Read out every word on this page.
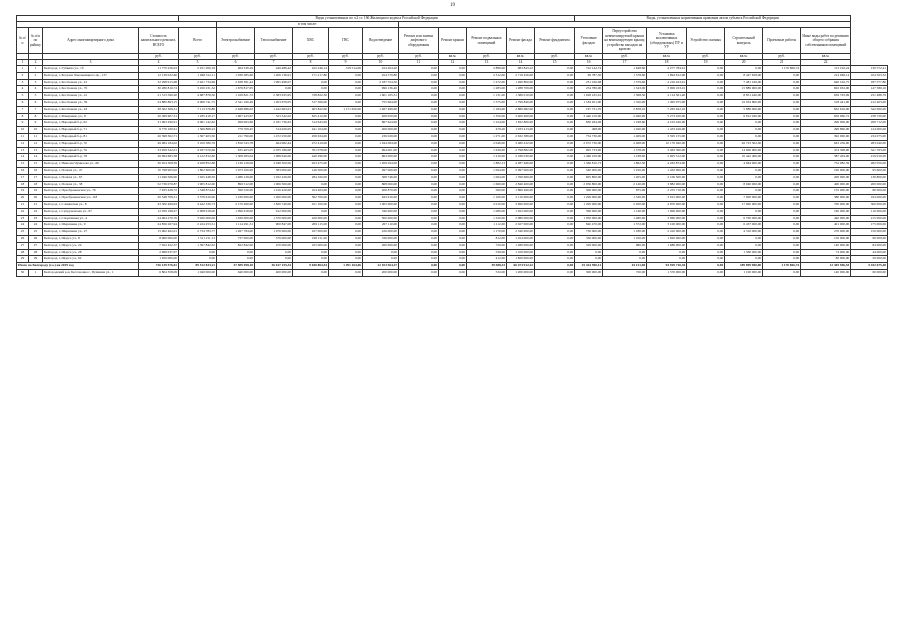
19
				Виды установленных по ч.2 ст. 166 Жилищного кодекса Российской Федерации											Виды, установленных нормативным правовым актом субъекта Российской Федерации							
					в том числе:																	
№ п/п	№ п/п по району	Адрес многоквартирного дома	Стоимость капитального ремонта, ВСЕГО	Всего	Электроснабжение	Теплоснабжение	ХВС	ГВС	Водоотведение	Ремонт или замена лифтового оборудования	Ремонт крыши	Ремонт подвальных помещений	Ремонт фасада	Ремонт фундамента	Утепление фасадов	Переустройство невентилируемой крыши на вентилируемую крышу, устройство выходов на кровлю	Установка коллективных (общедомовых) ПУ и УУ	Устройство скатных	Строительный контроль	Проектные работы	Иные виды работ по решению общего собрания собственников помещений	
			руб.	руб.	руб.	руб.	руб.	руб.	руб.	руб.	кв.м.	руб.	кв.м.	руб.	кв.м.	руб.	кв.м.	руб.	кв.м.	руб.	кв.м.	
1	2	3	4	5	6	7	8	9	10	11	12	13	14	15	16	17	18	19	20	21	22	
1	1	Белгород, г, Губкина ул., 1б	11 770 226,03	2 251 209,19	464 536,29	449 486,42	222 249,14	319 514,06	224 204,20	0,00	0,00	2 889,00	983 843,22	0,00	722 142,74	1 648,60	4 277 784,91	0,00	0,00	1 170 866,74	113 192,24	130 572,41
2	2	Белгород, г, Богдана Хмельницкого пр., 137	12 139 032,60	1 948 312,11	1 036 385,60	1 206 136,91	171 217,80	0,00	454 579,80	0,00	0,00	2 312,00	2 719 456,00	0,00	69 787,30	1 578,60	1 894 812,96	0,00	8 447 658,00	0,00	214 948,14	104 503,32
3	3	Белгород, г, Костюкова ул., 41	32 298 915,68	2 921 734,69	2 638 391,44	1 995 498,07	0,00	0,00	2 187 554,50	0,00	0,00	1 272,00	1 496 800,00	0,00	231 160,98	1 379,60	4 216 423,91	0,00	7 481 160,00	0,00	640 162,75	187 577,80
4	4	Белгород, г, Костюкова ул., 7б	30 280 816,74	3 450 231,32	1 679 817,05	0,00	0,00	0,00	996 136,46	0,00	0,00	1 283,00	1 288 709,00	0,00	254 780,00	1 343,00	3 906 163,01	0,00	15 889 000,00	0,00	602 032,00	147 580,16
5	5	Белгород, г, Костюкова ул., 41	21 513 590,20	4 687 878,30	1 169 821,72	2 383 635,95	728 822,30	0,00	1 601 165,31	0,00	0,00	1 131,00	1 386 010,00	0,00	1 028 165,61	1 368,30	2 114 561,40	0,00	8 851 440,00	0,00	639 763,09	231 488,79
6	6	Белгород, г, Костюкова ул., 39	24 880 863,15	4 906 741,75	2 341 160,49	1 203 679,05	517 369,00	0,00	755 664,00	0,00	0,00	1 575,00	1 799 840,00	0,00	1 184 651,00	1 350,00	1 495 975,00	0,00	19 034 800,00	0,00	518 441,00	212 403,00
7	7	Белгород, г, Костюкова ул., 43	38 302 306,31	7 113 576,86	2 648 686,02	1 422 663,01	403 822,00	1 171 650,00	1 467 499,00	0,00	0,00	1 184,00	2 880 682,00	0,00	197 731,70	2 858,10	7 265 622,16	0,00	5 889 000,00	0,00	832 616,00	342 000,00
8	8	Белгород, г, Макаренко ул., 8	20 369 607,31	1 185 410,17	1 667 423,67	323 342,02	625 412,00	0,00	629 050,00	0,00	0,00	1 350,00	3 400 460,00	0,00	3 440 210,00	2 460,00	5 273 450,00	0,00	6 812 040,00	0,00	650 960,72	238 720,00
9	9	Белгород, г, Народный б-р, 62	31 693 290,91	4 961 142,62	499 063,66	2 181 736,63	314 643,00	0,00	867 624,00	0,00	0,00	1 224,00	1 832 800,00	0,00	830 264,06	1 198,60	4 103 420,00	0,00	0,00	0,00	296 006,00	269 712,00
10	10	Белгород, г, Народный б-р, 71	9 776 160,61	1 566 868,23	779 709,45	314 020,05	441 104,00	0,00	206 000,00	0,00	0,00	479,20	1 033 413,00	0,00	498,00	1 040,00	1 433 426,00	0,00	0,00	0,00	296 860,00	124 000,00
11	11	Белгород, г, Народный б-р, 81	20 398 302,71	1 567 403,50	211 790,00	1 472 250,00	456 634,00	0,00	236 029,00	0,00	0,00	1 271,00	2 632 389,00	0,00	754 730,00	1 409,00	3 595 155,00	0,00	0,00	0,00	392 000,00	234 075,00
12	12	Белгород, г, Народный б-р, 70	49 984 184,02	3 109 380,76	1 816 543,78	464 082,44	272 419,00	0,00	1 044 084,00	0,00	0,00	2 046,00	3 480 432,00	0,00	2 072 730,00	2 468,00	10 179 920,00	0,00	26 723 502,00	0,00	643 256,00	283 040,00
13	13	Белгород, г, Народный б-р, 76	33 959 342,01	4 937 070,66	635 403,05	2 035 180,00	701 078,00	0,00	994 001,00	0,00	0,00	1 639,00	2 798 882,00	0,00	905 733,00	1 378,00	3 463 390,00	0,00	14 000 000,00	0,00	474 308,00	321 763,00
14	14	Белгород, г, Народный б-р, 78	26 994 683,38	4 122 812,60	1 308 283,04	1 088 640,00	440 290,00	0,00	864 000,00	0,00	0,00	1 210,00	2 186 030,00	0,00	1 466 100,00	1 238,00	2 905 512,00	0,00	10 442 400,00	0,00	387 204,00	219 910,00
15	15	Белгород, г, Николая Чумичова ул., 66	36 954 308,39	4 928 852,68	1 136 129,06	3 048 300,00	923 475,00	0,00	1 208 294,00	0,00	0,00	1 882,13	4 287 466,00	0,00	1 366 810,73	1 862,30	4 263 874,00	0,00	4 664 900,00	0,00	752 082,59	282 050,00
16	16	Белгород, г, Попова ул., 47	10 798 905,02	1 802 600,00	1 073 100,00	583 000,00	146 500,00	0,00	497 000,00	0,00	0,00	1 094,00	2 097 000,00	0,00	540 000,00	1 250,00	1 432 000,00	0,00	0,00	0,00	190 000,00	95 600,00
17	17	Белгород, г, Попова ул., 67	11 946 566,90	1 925 448,50	1 486 129,00	1 032 226,00	284 160,00	0,00	368 746,00	0,00	0,00	1 064,00	1 766 660,00	0,00	605 800,00	1 205,00	2 106 500,00	0,00	0,00	0,00	200 000,00	136 800,00
18	18	Белгород, г, Попова ул., 38	52 736 070,87	1 905 812,00	899 512,00	1 006 300,00	0,00	0,00	868 000,00	0,00	0,00	1 660,00	2 840 400,00	0,00	2 056 800,00	2 140,00	3 882 000,00	0,00	8 940 000,00	0,00	400 000,00	200 000,00
19	19	Белгород, г, Преображенская ул., 76	7 935 428,72	1 348 874,42	596 520,00	1 016 420,00	104 463,00	0,00	206 870,00	0,00	0,00	560,00	1 866 460,00	0,00	306 000,00	875,00	2 255 710,00	0,00	0,00	0,00	135 000,00	80 000,00
20	20	Белгород, г, Преображенская ул., 118	20 548 706,31	3 376 610,00	1 230 000,00	1 200 000,00	302 700,00	0,00	643 910,00	0,00	0,00	1 100,00	2 110 000,00	0,00	1 206 000,00	1 320,00	3 015 000,00	0,00	7 000 000,00	0,00	380 000,00	194 000,00
21	21	Белгород, г, Славянская ул., 8	43 300 466,93	4 442 330,73	2 170 490,00	1 820 740,00	451 100,00	0,00	1 005 000,00	0,00	0,00	2 010,00	3 690 000,00	0,00	1 200 000,00	2 200,00	4 870 000,00	0,00	17 900 000,00	0,00	700 000,00	300 000,00
22	22	Белгород, г, Супруновская ул., 67	12 059 198,27	2 008 618,00	1 096 618,00	912 000,00	0,00	0,00	340 000,00	0,00	0,00	1 080,00	1 922 000,00	0,00	596 000,00	1 140,00	1 906 000,00	0,00	0,00	0,00	190 000,00	110 000,00
23	23	Белгород, г, Спортивная ул., 4	24 064 270,76	3 920 000,00	1 630 000,00	1 370 000,00	420 000,00	0,00	500 000,00	0,00	0,00	1 320,00	2 980 000,00	0,00	1 050 000,00	1 480,00	3 960 000,00	0,00	6 700 000,00	0,00	440 000,00	215 000,00
24	24	Белгород, г, Шершнева ул., 9	24 856 267,94	2 224 253,51	1 114 291,51	900 847,00	209 115,00	0,00	267 110,00	0,00	0,00	1 112,00	2 027 000,00	0,00	840 470,00	1 372,00	3 100 000,00	0,00	6 437 000,00	0,00	401 000,00	175 000,00
25	25	Белгород, г, Шершнева ул., 27	15 962 462,01	2 734 783,77	1 497 784,00	1 070 000,00	167 000,00	0,00	226 000,00	0,00	0,00	1 170,00	2 340 000,00	0,00	730 000,00	1 180,00	2 410 000,00	0,00	4 316 000,00	0,00	276 000,00	150 000,00
26	26	Белгород, г, Щорса ул., 8	8 960 000,00	1 511 211,13	737 000,00	576 000,00	198 211,00	0,00	336 000,00	0,00	0,00	812,00	1 454 000,00	0,00	356 000,00	1 106,00	1 820 000,00	0,00	0,00	0,00	150 000,00	90 000,00
27	27	Белгород, г, Щорса ул., 24	7 922 452,37	1 397 842,02	822 842,00	470 000,00	105 000,00	0,00	260 000,00	0,00	0,00	720,00	1 286 000,00	0,00	329 000,00	980,00	1 686 000,00	0,00	0,00	0,00	140 000,00	84 000,00
28	28	Белгород, г, Щорса ул., 28	2 698 037,07	0,00	0,00	0,00	0,00	0,00	0,00	0,00	0,00	536,00	1 106 000,00	0,00	0,00	0,00	0,00	0,00	1 360 000,00	0,00	74 000,00	44 000,00
29	29	Белгород, г, Щорса ул., 62	1 950 000,00	0,00	0,00	0,00	0,00	0,00	0,00	0,00	0,00	412,00	1 820 000,00	0,00	0,00	0,00	0,00	0,00	0,00	0,00	80 000,00	50 000,00
Итого по Белгороду (г.о.) на 2019 год			726 139 576,01	89 512 833,21	37 589 498,18	36 617 155,34	9 040 864,54	1 491 164,06	22 103 564,27	0,00	0,00	39 588,33	66 474 912,22	0,00	25 424 590,12	44 121,00	94 929 710,36	0,00	189 899 900,00	1 170 866,74	12 305 946,53	5 432 675,48
30	1	Белгородский р-н, Бессоновка с, Пушкина ул., 1	6 804 358,09	1 040 000,00	640 000,00	400 000,00	0,00	0,00	200 000,00	0,00	0,00	532,00	1 200 000,00	0,00	300 000,00	720,00	1 570 000,00	0,00	1 100 000,00	0,00	140 000,00	60 000,00
